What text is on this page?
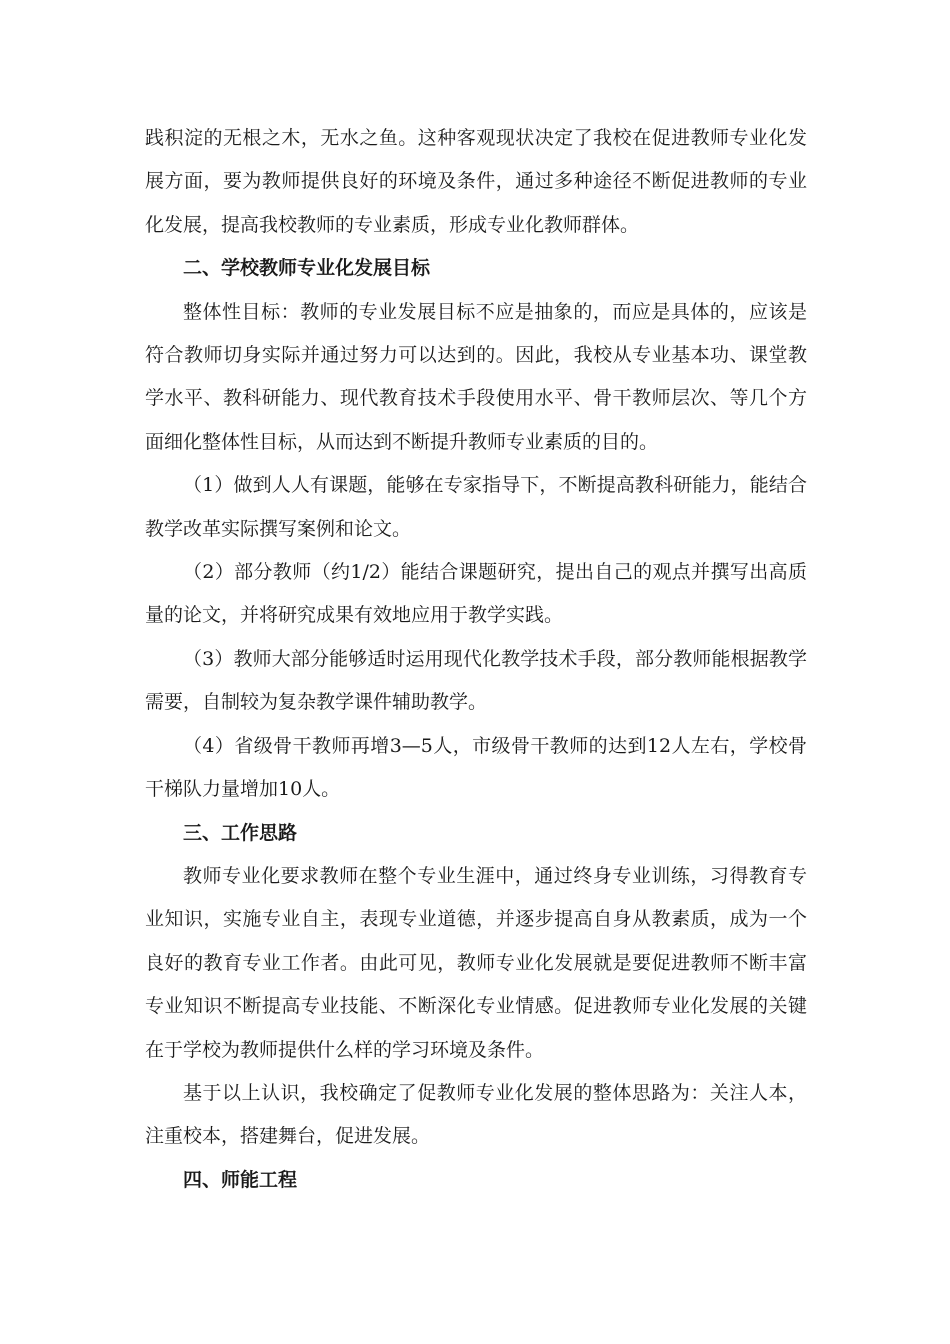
践积淀的无根之木，无水之鱼。这种客观现状决定了我校在促进教师专业化发展方面，要为教师提供良好的环境及条件，通过多种途径不断促进教师的专业化发展，提高我校教师的专业素质，形成专业化教师群体。

二、学校教师专业化发展目标

整体性目标：教师的专业发展目标不应是抽象的，而应是具体的，应该是符合教师切身实际并通过努力可以达到的。因此，我校从专业基本功、课堂教学水平、教科研能力、现代教育技术手段使用水平、骨干教师层次、等几个方面细化整体性目标，从而达到不断提升教师专业素质的目的。

（1）做到人人有课题，能够在专家指导下，不断提高教科研能力，能结合教学改革实际撰写案例和论文。

（2）部分教师（约1/2）能结合课题研究，提出自己的观点并撰写出高质量的论文，并将研究成果有效地应用于教学实践。

（3）教师大部分能够适时运用现代化教学技术手段，部分教师能根据教学需要，自制较为复杂教学课件辅助教学。

（4）省级骨干教师再增3—5人，市级骨干教师的达到12人左右，学校骨干梯队力量增加10人。

三、工作思路

教师专业化要求教师在整个专业生涯中，通过终身专业训练，习得教育专业知识，实施专业自主，表现专业道德，并逐步提高自身从教素质，成为一个良好的教育专业工作者。由此可见，教师专业化发展就是要促进教师不断丰富专业知识不断提高专业技能、不断深化专业情感。促进教师专业化发展的关键在于学校为教师提供什么样的学习环境及条件。

基于以上认识，我校确定了促教师专业化发展的整体思路为：关注人本，注重校本，搭建舞台，促进发展。

四、师能工程
